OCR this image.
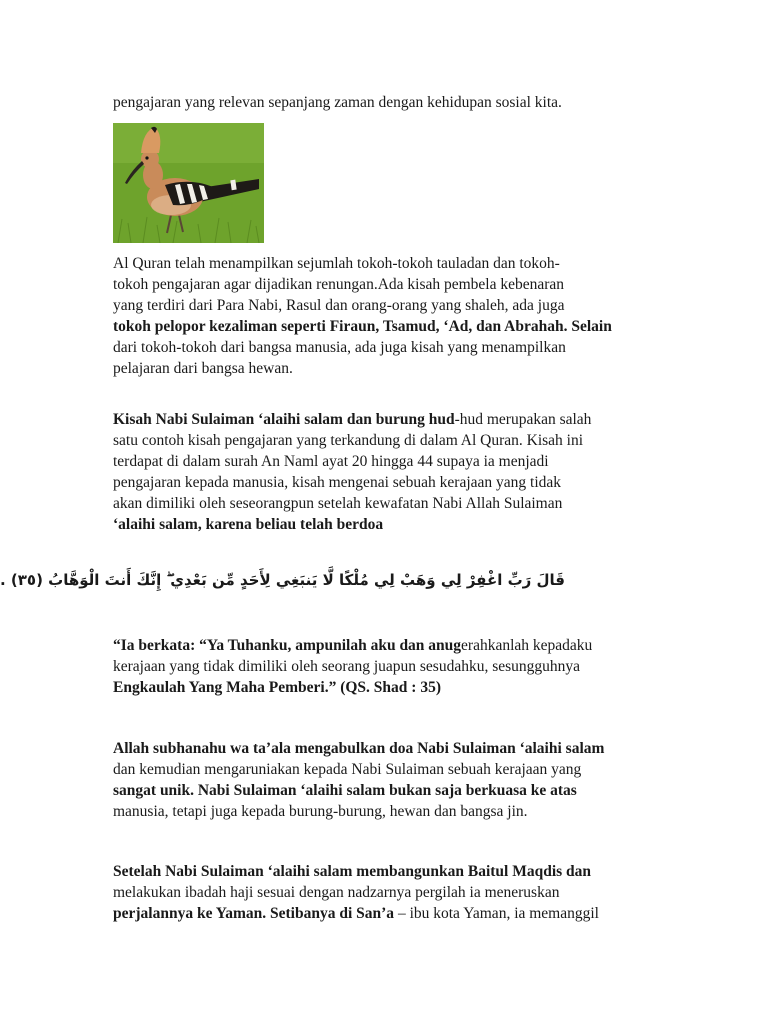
pengajaran yang relevan sepanjang zaman dengan kehidupan sosial kita.
Al Quran telah menampilkan sejumlah tokoh-tokoh tauladan dan tokoh-
tokoh pengajaran agar dijadikan renungan.Ada kisah pembela kebenaran
yang terdiri dari Para Nabi, Rasul dan orang-orang yang shaleh, ada juga
tokoh pelopor kezaliman seperti Firaun, Tsamud, ‘Ad, dan Abrahah. Selain
dari tokoh-tokoh dari bangsa manusia, ada juga kisah yang menampilkan
pelajaran dari bangsa hewan.
Kisah Nabi Sulaiman ‘alaihi salam dan burung hud-hud merupakan salah
satu contoh kisah pengajaran yang terkandung di dalam Al Quran. Kisah ini
terdapat di dalam surah An Naml ayat 20 hingga 44 supaya ia menjadi
pengajaran kepada manusia, kisah mengenai sebuah kerajaan yang tidak
akan dimiliki oleh seseorangpun setelah kewafatan Nabi Allah Sulaiman
‘alaihi salam, karena beliau telah berdoa
قَالَ رَبِّ اغْفِرْ لِي وَهَبْ لِي مُلْكًا لَّا يَنبَغِي لِأَحَدٍ مِّن بَعْدِي ۖ إِنَّكَ أَنتَ الْوَهَّابُ (٣٥) .
“Ia berkata: “Ya Tuhanku, ampunilah aku dan anugerahkanlah kepadaku
kerajaan yang tidak dimiliki oleh seorang juapun sesudahku, sesungguhnya
Engkaulah Yang Maha Pemberi.” (QS. Shad : 35)
Allah subhanahu wa ta’ala mengabulkan doa Nabi Sulaiman ‘alaihi salam
dan kemudian mengaruniakan kepada Nabi Sulaiman sebuah kerajaan yang
sangat unik. Nabi Sulaiman ‘alaihi salam bukan saja berkuasa ke atas
manusia, tetapi juga kepada burung-burung, hewan dan bangsa jin.
Setelah Nabi Sulaiman ‘alaihi salam membangunkan Baitul Maqdis dan
melakukan ibadah haji sesuai dengan nadzarnya pergilah ia meneruskan
perjalannya ke Yaman. Setibanya di San’a – ibu kota Yaman, ia memanggil
